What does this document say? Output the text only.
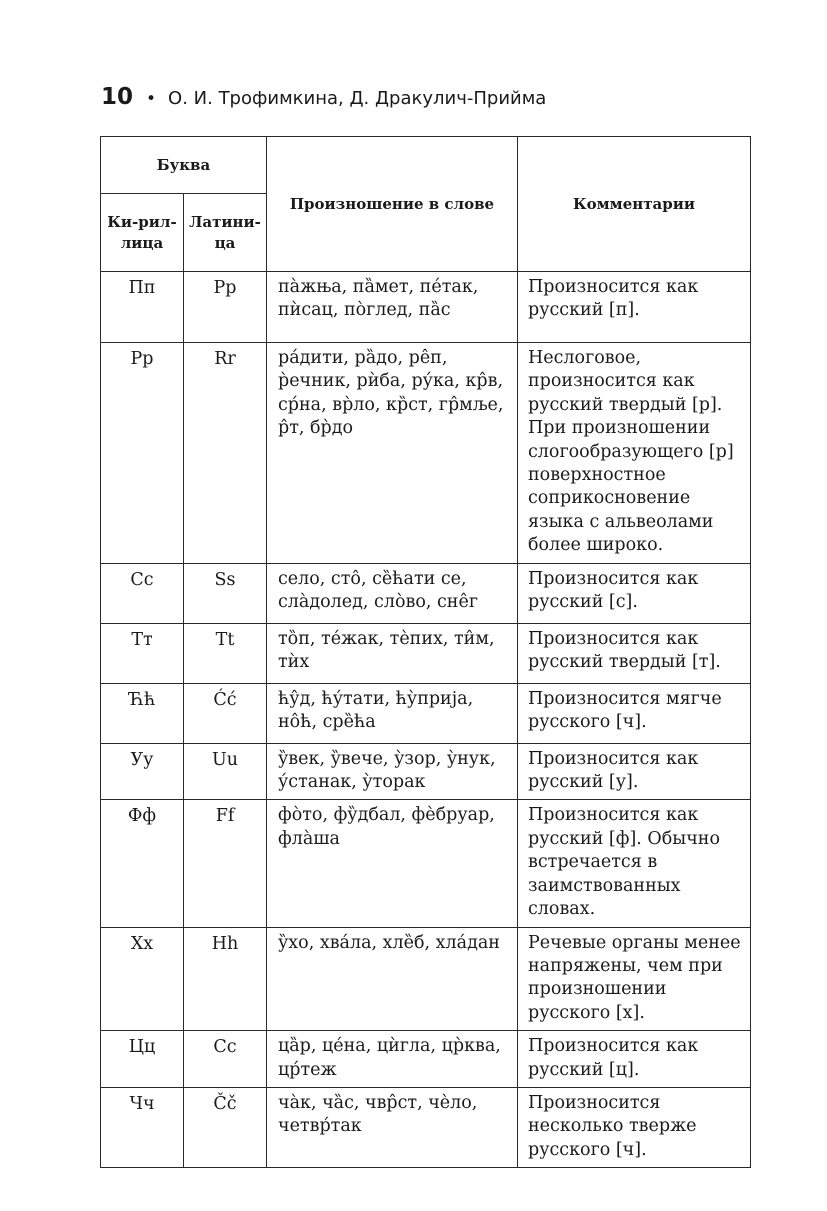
10 • О. И. Трофимкина, Д. Дракулич-Прийма
Буква		Произношение в слове	Комментарии
Ки-рил-лица	Латини-ца		
Пп	Pp	па̀жња, па̏мет, пе́так, пѝсац, по̀глед, па̏с	Произносится как русский [п].
Рр	Rr	ра́дити, ра̏до, ре̂п, р̀ечник, рѝба, ру́ка, кр̂в, ср́на, вр̀ло, кр̏ст, гр̂мље, р̂т, бр̀до	Неслоговое, произносится как русский твердый [р]. При произношении слогообразующего [р] поверхностное соприкосновение языка с альвеолами более широко.
Сс	Ss	село, сто̂, се̏ћати се, сла̀долед, сло̀во, сне̂г	Произносится как русский [с].
Тт	Tt	то̏п, те́жак, тѐпих, ти̂м, тѝх	Произносится как русский твердый [т].
Ћћ	Ćć	ћу̂д, ћу́тати, ћу̀прија, но̂ћ, сре̏ћа	Произносится мягче русского [ч].
Уу	Uu	у̏век, у̏вече, у̀зор, у̀нук, у́станак, у̀торак	Произносится как русский [у].
Фф	Ff	фо̀то, фу̏дбал, фѐбруар, фла̀ша	Произносится как русский [ф]. Обычно встречается в заимствованных словах.
Хх	Hh	у̏хо, хва́ла, хле̏б, хла́дан	Речевые органы менее напряжены, чем при произношении русского [х].
Цц	Cc	ца̏р, це́на, цѝгла, цр̀ква, цр́теж	Произносится как русский [ц].
Чч	Čč	ча̀к, ча̏с, чвр̂ст, чѐло, четвр́так	Произносится несколько тверже русского [ч].
